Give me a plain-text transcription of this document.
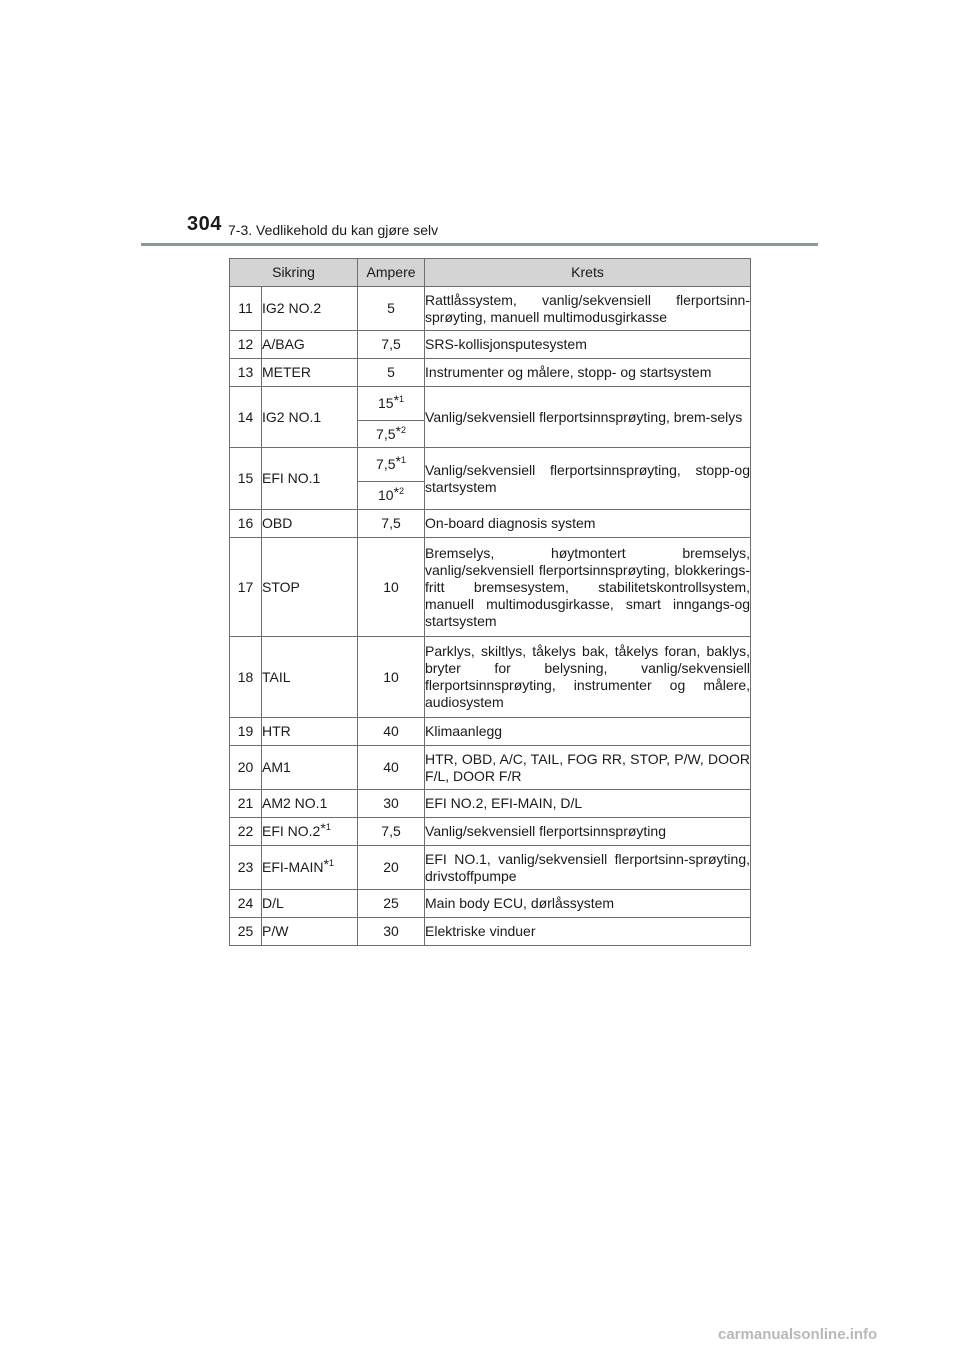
304 7-3. Vedlikehold du kan gjøre selv
Sikring		Ampere	Krets
11	IG2 NO.2	5	Rattlåssystem, vanlig/sekvensiell flerportsinn-sprøyting, manuell multimodusgirkasse
12	A/BAG	7,5	SRS-kollisjonsputesystem
13	METER	5	Instrumenter og målere, stopp- og startsystem
14	IG2 NO.1	15$^{*1}$	Vanlig/sekvensiell flerportsinnsprøyting, brem-selys
		7,5$^{*2}$
15	EFI NO.1	7,5$^{*1}$	Vanlig/sekvensiell flerportsinnsprøyting, stopp-og startsystem
		10$^{*2}$
16	OBD	7,5	On-board diagnosis system
17	STOP	10	Bremselys, høytmontert bremselys, vanlig/sekvensiell flerportsinnsprøyting, blokkerings-fritt bremsesystem, stabilitetskontrollsystem, manuell multimodusgirkasse, smart inngangs-og startsystem
18	TAIL	10	Parklys, skiltlys, tåkelys bak, tåkelys foran, baklys, bryter for belysning, vanlig/sekvensiell flerportsinnsprøyting, instrumenter og målere, audiosystem
19	HTR	40	Klimaanlegg
20	AM1	40	HTR, OBD, A/C, TAIL, FOG RR, STOP, P/W, DOOR F/L, DOOR F/R
21	AM2 NO.1	30	EFI NO.2, EFI-MAIN, D/L
22	EFI NO.2$^{*1}$	7,5	Vanlig/sekvensiell flerportsinnsprøyting
23	EFI-MAIN$^{*1}$	20	EFI NO.1, vanlig/sekvensiell flerportsinn-sprøyting, drivstoffpumpe
24	D/L	25	Main body ECU, dørlåssystem
25	P/W	30	Elektriske vinduer
carmanualsonline.info
